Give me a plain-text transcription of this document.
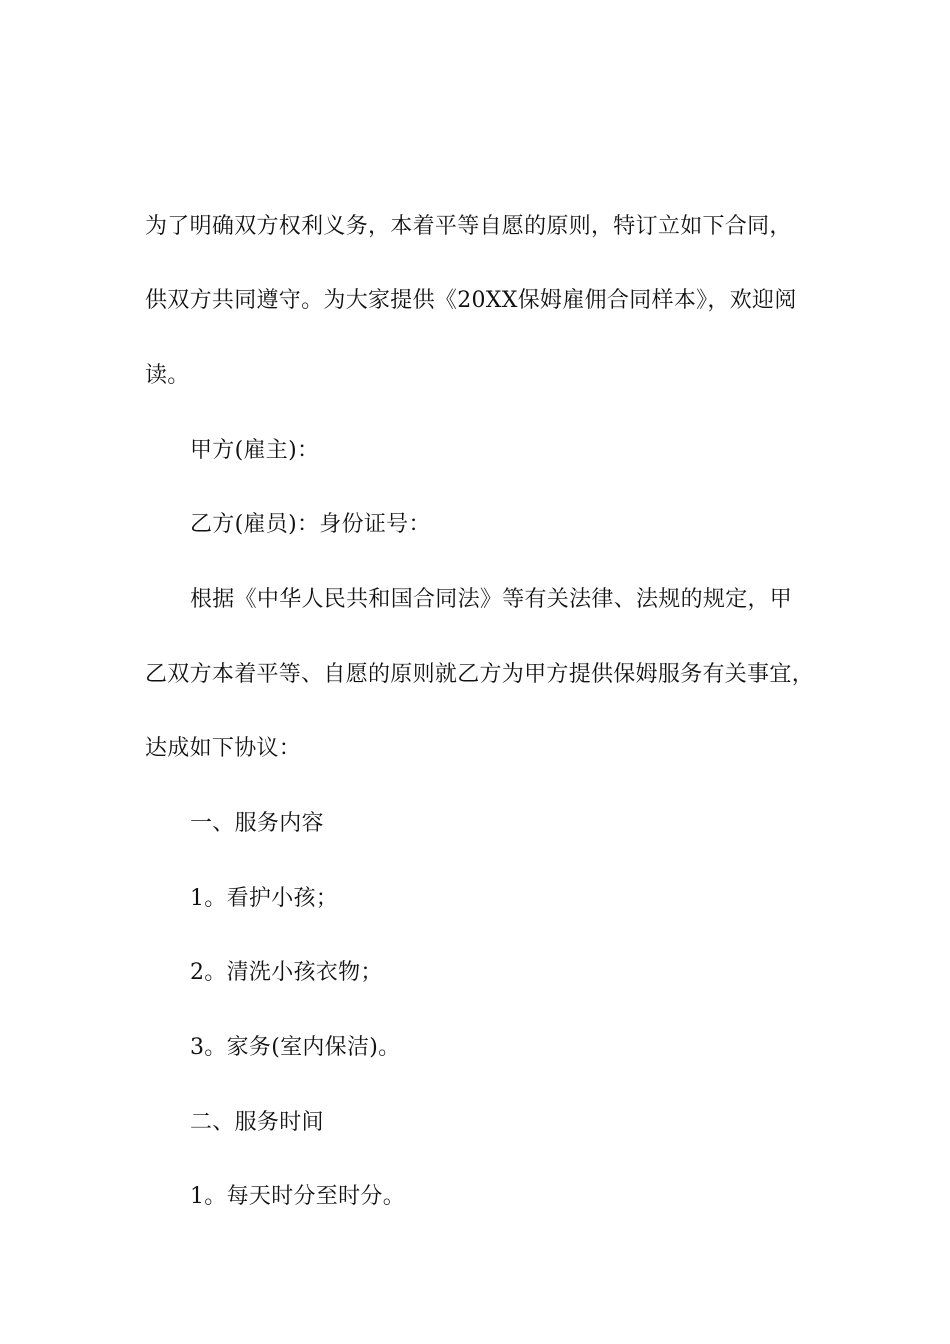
为了明确双方权利义务，本着平等自愿的原则，特订立如下合同，
供双方共同遵守。为大家提供《20XX保姆雇佣合同样本》，欢迎阅
读。
甲方(雇主)：
乙方(雇员)：身份证号：
根据《中华人民共和国合同法》等有关法律、法规的规定，甲
乙双方本着平等、自愿的原则就乙方为甲方提供保姆服务有关事宜，
达成如下协议：
一、服务内容
1。看护小孩；
2。清洗小孩衣物；
3。家务(室内保洁)。
二、服务时间
1。每天时分至时分。
